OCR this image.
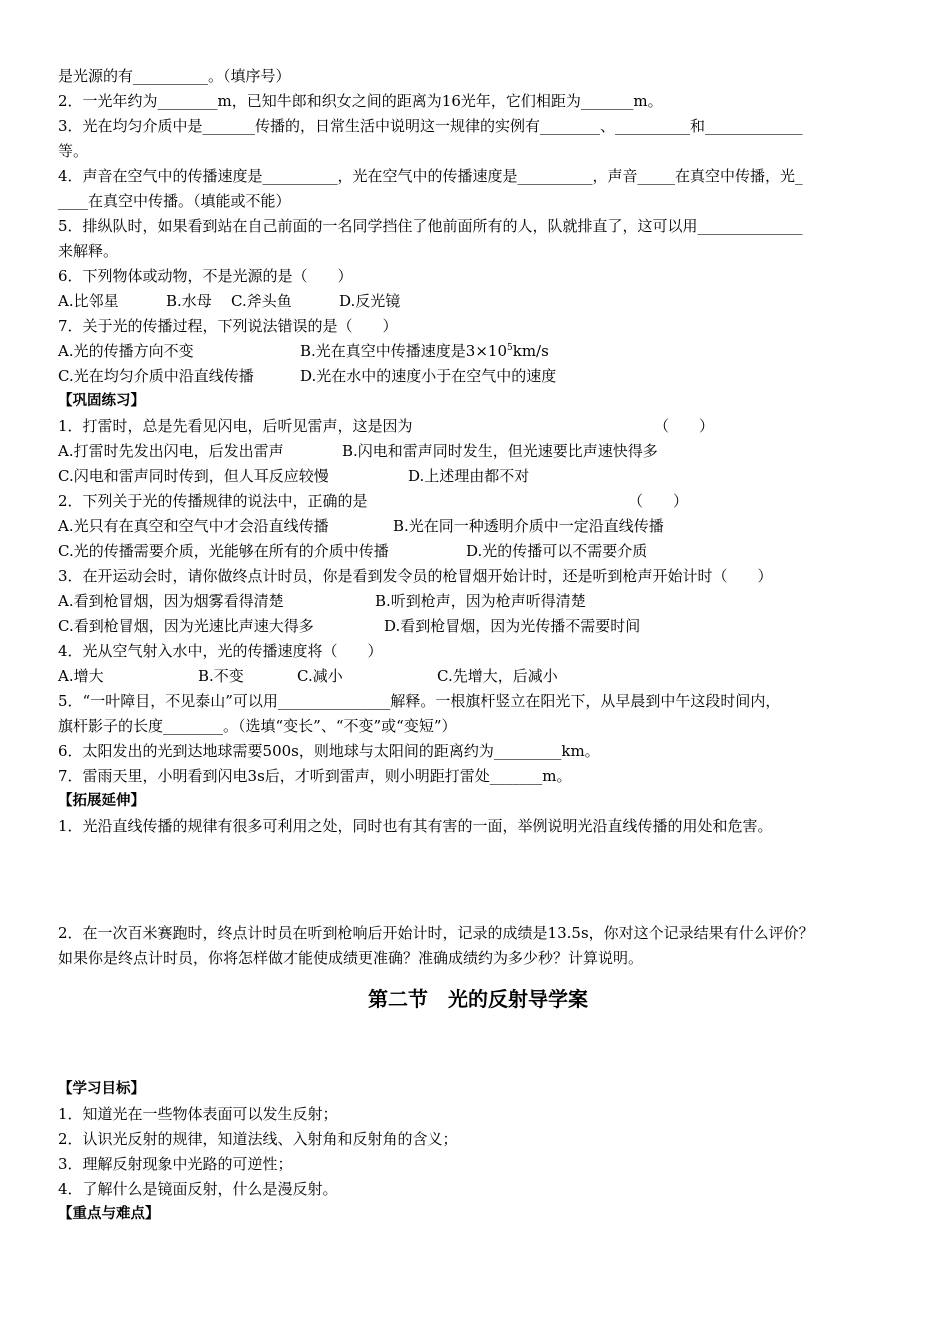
是光源的有__________。（填序号）
2．一光年约为________m，已知牛郎和织女之间的距离为16光年，它们相距为_______m。
3．光在均匀介质中是_______传播的，日常生活中说明这一规律的实例有________、__________和_____________
等。
4．声音在空气中的传播速度是__________，光在空气中的传播速度是__________，声音_____在真空中传播，光_
____在真空中传播。（填能或不能）
5．排纵队时，如果看到站在自己前面的一名同学挡住了他前面所有的人，队就排直了，这可以用______________
来解释。
6．下列物体或动物，不是光源的是（　　）
A.比邻星	B.水母 C.斧头鱼	D.反光镜
7．关于光的传播过程，下列说法错误的是（　　）
A.光的传播方向不变	B.光在真空中传播速度是$3\times 10^5km/s$
C.光在均匀介质中沿直线传播	D.光在水中的速度小于在空气中的速度
【巩固练习】
1．打雷时，总是先看见闪电，后听见雷声，这是因为	（　　）
A.打雷时先发出闪电，后发出雷声	B.闪电和雷声同时发生，但光速要比声速快得多
C.闪电和雷声同时传到，但人耳反应较慢	D.上述理由都不对
2．下列关于光的传播规律的说法中，正确的是	（　　）
A.光只有在真空和空气中才会沿直线传播	B.光在同一种透明介质中一定沿直线传播
C.光的传播需要介质，光能够在所有的介质中传播	D.光的传播可以不需要介质
3．在开运动会时，请你做终点计时员，你是看到发令员的枪冒烟开始计时，还是听到枪声开始计时（　　）
A.看到枪冒烟，因为烟雾看得清楚	B.听到枪声，因为枪声听得清楚
C.看到枪冒烟，因为光速比声速大得多	D.看到枪冒烟，因为光传播不需要时间
4．光从空气射入水中，光的传播速度将（　　）
A.增大	B.不变	C.减小	C.先增大，后减小
5．“一叶障目，不见泰山”可以用_______________解释。一根旗杆竖立在阳光下，从早晨到中午这段时间内，
旗杆影子的长度________。（选填“变长”、“不变”或“变短”）
6．太阳发出的光到达地球需要500s，则地球与太阳间的距离约为_________km。
7．雷雨天里，小明看到闪电3s后，才听到雷声，则小明距打雷处_______m。
【拓展延伸】
1．光沿直线传播的规律有很多可利用之处，同时也有其有害的一面，举例说明光沿直线传播的用处和危害。
2．在一次百米赛跑时，终点计时员在听到枪响后开始计时，记录的成绩是13.5s，你对这个记录结果有什么评价？
如果你是终点计时员，你将怎样做才能使成绩更准确？准确成绩约为多少秒？计算说明。
第二节　光的反射导学案
【学习目标】
1．知道光在一些物体表面可以发生反射；
2．认识光反射的规律，知道法线、入射角和反射角的含义；
3．理解反射现象中光路的可逆性；
4．了解什么是镜面反射，什么是漫反射。
【重点与难点】
